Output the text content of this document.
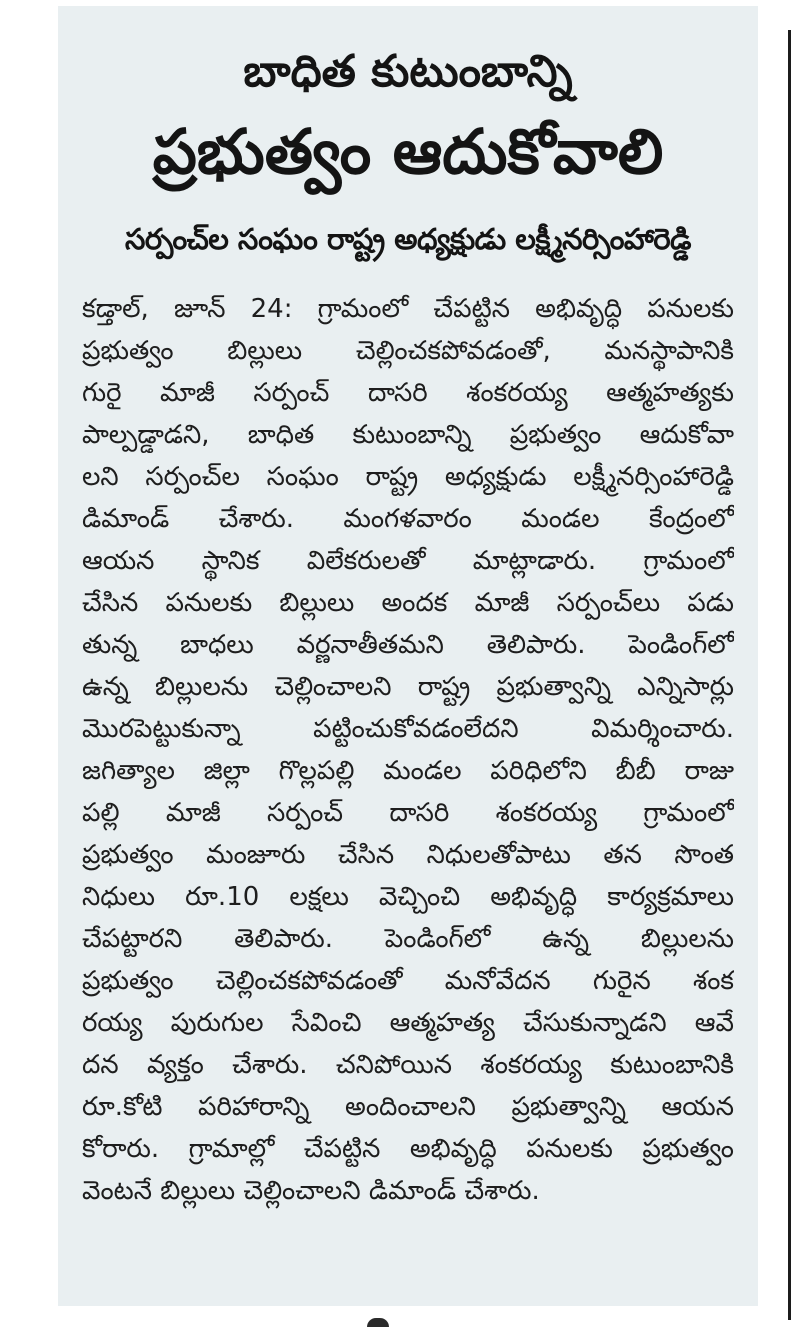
బాధిత కుటుంబాన్ని
ప్రభుత్వం ఆదుకోవాలి
సర్పంచ్‌ల సంఘం రాష్ట్ర అధ్యక్షుడు లక్ష్మీనర్సింహారెడ్డి
కడ్తాల్, జూన్ 24: గ్రామంలో చేపట్టిన అభివృద్ధి పనులకు
ప్రభుత్వం బిల్లులు చెల్లించకపోవడంతో, మనస్థాపానికి
గురై మాజీ సర్పంచ్ దాసరి శంకరయ్య ఆత్మహత్యకు
పాల్పడ్డాడని, బాధిత కుటుంబాన్ని ప్రభుత్వం ఆదుకోవా
లని సర్పంచ్‌ల సంఘం రాష్ట్ర అధ్యక్షుడు లక్ష్మీనర్సింహారెడ్డి
డిమాండ్ చేశారు. మంగళవారం మండల కేంద్రంలో
ఆయన స్థానిక విలేకరులతో మాట్లాడారు. గ్రామంలో
చేసిన పనులకు బిల్లులు అందక మాజీ సర్పంచ్‌లు పడు
తున్న బాధలు వర్ణనాతీతమని తెలిపారు. పెండింగ్‌లో
ఉన్న బిల్లులను చెల్లించాలని రాష్ట్ర ప్రభుత్వాన్ని ఎన్నిసార్లు
మొరపెట్టుకున్నా పట్టించుకోవడంలేదని విమర్శించారు.
జగిత్యాల జిల్లా గొల్లపల్లి మండల పరిధిలోని బీబీ రాజు
పల్లి మాజీ సర్పంచ్ దాసరి శంకరయ్య గ్రామంలో
ప్రభుత్వం మంజూరు చేసిన నిధులతోపాటు తన సొంత
నిధులు రూ.10 లక్షలు వెచ్చించి అభివృద్ధి కార్యక్రమాలు
చేపట్టారని తెలిపారు. పెండింగ్‌లో ఉన్న బిల్లులను
ప్రభుత్వం చెల్లించకపోవడంతో మనోవేదన గురైన శంక
రయ్య పురుగుల సేవించి ఆత్మహత్య చేసుకున్నాడని ఆవే
దన వ్యక్తం చేశారు. చనిపోయిన శంకరయ్య కుటుంబానికి
రూ.కోటి పరిహారాన్ని అందించాలని ప్రభుత్వాన్ని ఆయన
కోరారు. గ్రామాల్లో చేపట్టిన అభివృద్ధి పనులకు ప్రభుత్వం
వెంటనే బిల్లులు చెల్లించాలని డిమాండ్ చేశారు.
